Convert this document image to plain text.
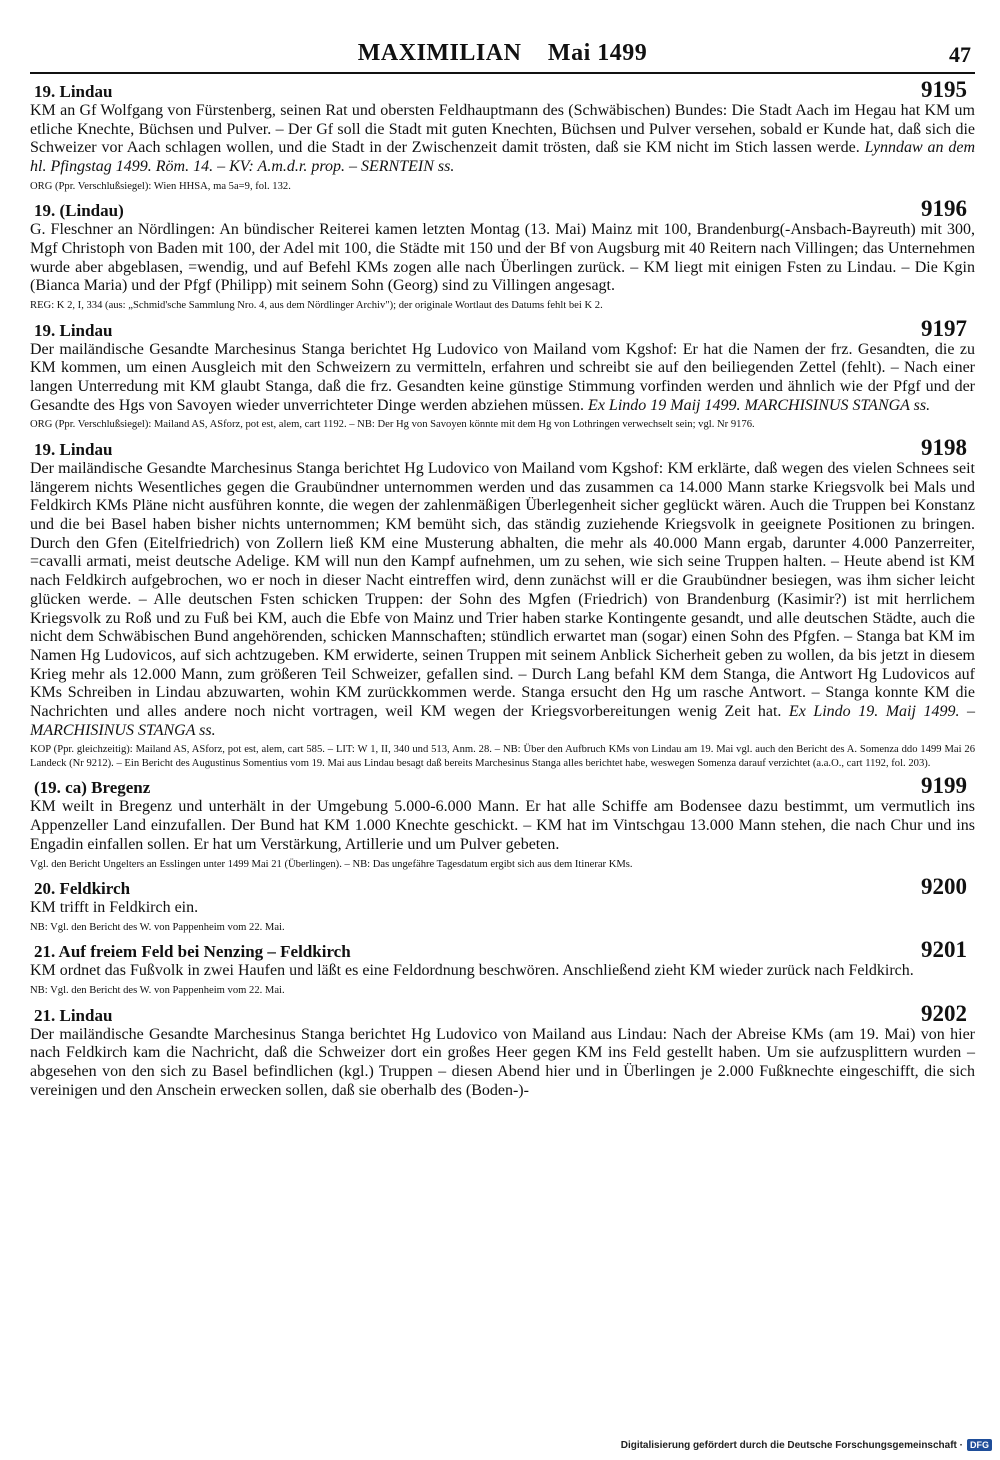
MAXIMILIAN Mai 1499	47
19. Lindau	9195

KM an Gf Wolfgang von Fürstenberg, seinen Rat und obersten Feldhauptmann des (Schwäbischen) Bundes: Die Stadt Aach im Hegau hat KM um etliche Knechte, Büchsen und Pulver. – Der Gf soll die Stadt mit guten Knechten, Büchsen und Pulver versehen, sobald er Kunde hat, daß sich die Schweizer vor Aach schlagen wollen, und die Stadt in der Zwischenzeit damit trösten, daß sie KM nicht im Stich lassen werde. Lynndaw an dem hl. Pfingstag 1499. Röm. 14. – KV: A.m.d.r. prop. – SERNTEIN ss.

ORG (Ppr. Verschlußsiegel): Wien HHSA, ma 5a=9, fol. 132.

19. (Lindau)	9196

G. Fleschner an Nördlingen: An bündischer Reiterei kamen letzten Montag (13. Mai) Mainz mit 100, Brandenburg(-Ansbach-Bayreuth) mit 300, Mgf Christoph von Baden mit 100, der Adel mit 100, die Städte mit 150 und der Bf von Augsburg mit 40 Reitern nach Villingen; das Unternehmen wurde aber abgeblasen, =wendig, und auf Befehl KMs zogen alle nach Überlingen zurück. – KM liegt mit einigen Fsten zu Lindau. – Die Kgin (Bianca Maria) und der Pfgf (Philipp) mit seinem Sohn (Georg) sind zu Villingen angesagt.

REG: K 2, I, 334 (aus: „Schmid'sche Sammlung Nro. 4, aus dem Nördlinger Archiv"); der originale Wortlaut des Datums fehlt bei K 2.

19. Lindau	9197

Der mailändische Gesandte Marchesinus Stanga berichtet Hg Ludovico von Mailand vom Kgshof: Er hat die Namen der frz. Gesandten, die zu KM kommen, um einen Ausgleich mit den Schweizern zu vermitteln, erfahren und schreibt sie auf den beiliegenden Zettel (fehlt). – Nach einer langen Unterredung mit KM glaubt Stanga, daß die frz. Gesandten keine günstige Stimmung vorfinden werden und ähnlich wie der Pfgf und der Gesandte des Hgs von Savoyen wieder unverrichteter Dinge werden abziehen müssen. Ex Lindo 19 Maij 1499. MARCHISINUS STANGA ss.

ORG (Ppr. Verschlußsiegel): Mailand AS, ASforz, pot est, alem, cart 1192. – NB: Der Hg von Savoyen könnte mit dem Hg von Lothringen verwechselt sein; vgl. Nr 9176.

19. Lindau	9198

Der mailändische Gesandte Marchesinus Stanga berichtet Hg Ludovico von Mailand vom Kgshof: KM erklärte, daß wegen des vielen Schnees seit längerem nichts Wesentliches gegen die Graubündner unternommen werden und das zusammen ca 14.000 Mann starke Kriegsvolk bei Mals und Feldkirch KMs Pläne nicht ausführen konnte, die wegen der zahlenmäßigen Überlegenheit sicher geglückt wären. Auch die Truppen bei Konstanz und die bei Basel haben bisher nichts unternommen; KM bemüht sich, das ständig zuziehende Kriegsvolk in geeignete Positionen zu bringen. Durch den Gfen (Eitelfriedrich) von Zollern ließ KM eine Musterung abhalten, die mehr als 40.000 Mann ergab, darunter 4.000 Panzerreiter, =cavalli armati, meist deutsche Adelige. KM will nun den Kampf aufnehmen, um zu sehen, wie sich seine Truppen halten. – Heute abend ist KM nach Feldkirch aufgebrochen, wo er noch in dieser Nacht eintreffen wird, denn zunächst will er die Graubündner besiegen, was ihm sicher leicht glücken werde. – Alle deutschen Fsten schicken Truppen: der Sohn des Mgfen (Friedrich) von Brandenburg (Kasimir?) ist mit herrlichem Kriegsvolk zu Roß und zu Fuß bei KM, auch die Ebfe von Mainz und Trier haben starke Kontingente gesandt, und alle deutschen Städte, auch die nicht dem Schwäbischen Bund angehörenden, schicken Mannschaften; stündlich erwartet man (sogar) einen Sohn des Pfgfen. – Stanga bat KM im Namen Hg Ludovicos, auf sich achtzugeben. KM erwiderte, seinen Truppen mit seinem Anblick Sicherheit geben zu wollen, da bis jetzt in diesem Krieg mehr als 12.000 Mann, zum größeren Teil Schweizer, gefallen sind. – Durch Lang befahl KM dem Stanga, die Antwort Hg Ludovicos auf KMs Schreiben in Lindau abzuwarten, wohin KM zurückkommen werde. Stanga ersucht den Hg um rasche Antwort. – Stanga konnte KM die Nachrichten und alles andere noch nicht vortragen, weil KM wegen der Kriegsvorbereitungen wenig Zeit hat. Ex Lindo 19. Maij 1499. – MARCHISINUS STANGA ss.

KOP (Ppr. gleichzeitig): Mailand AS, ASforz, pot est, alem, cart 585. – LIT: W 1, II, 340 und 513, Anm. 28. – NB: Über den Aufbruch KMs von Lindau am 19. Mai vgl. auch den Bericht des A. Somenza ddo 1499 Mai 26 Landeck (Nr 9212). – Ein Bericht des Augustinus Somentius vom 19. Mai aus Lindau besagt daß bereits Marchesinus Stanga alles berichtet habe, weswegen Somenza darauf verzichtet (a.a.O., cart 1192, fol. 203).

(19. ca) Bregenz	9199

KM weilt in Bregenz und unterhält in der Umgebung 5.000-6.000 Mann. Er hat alle Schiffe am Bodensee dazu bestimmt, um vermutlich ins Appenzeller Land einzufallen. Der Bund hat KM 1.000 Knechte geschickt. – KM hat im Vintschgau 13.000 Mann stehen, die nach Chur und ins Engadin einfallen sollen. Er hat um Verstärkung, Artillerie und um Pulver gebeten.

Vgl. den Bericht Ungelters an Esslingen unter 1499 Mai 21 (Überlingen). – NB: Das ungefähre Tagesdatum ergibt sich aus dem Itinerar KMs.

20. Feldkirch	9200

KM trifft in Feldkirch ein.

NB: Vgl. den Bericht des W. von Pappenheim vom 22. Mai.

21. Auf freiem Feld bei Nenzing – Feldkirch	9201

KM ordnet das Fußvolk in zwei Haufen und läßt es eine Feldordnung beschwören. Anschließend zieht KM wieder zurück nach Feldkirch.

NB: Vgl. den Bericht des W. von Pappenheim vom 22. Mai.

21. Lindau	9202

Der mailändische Gesandte Marchesinus Stanga berichtet Hg Ludovico von Mailand aus Lindau: Nach der Abreise KMs (am 19. Mai) von hier nach Feldkirch kam die Nachricht, daß die Schweizer dort ein großes Heer gegen KM ins Feld gestellt haben. Um sie aufzusplittern wurden – abgesehen von den sich zu Basel befindlichen (kgl.) Truppen – diesen Abend hier und in Überlingen je 2.000 Fußknechte eingeschifft, die sich vereinigen und den Anschein erwecken sollen, daß sie oberhalb des (Boden-)-

Digitalisierung gefördert durch die Deutsche Forschungsgemeinschaft · DFG
